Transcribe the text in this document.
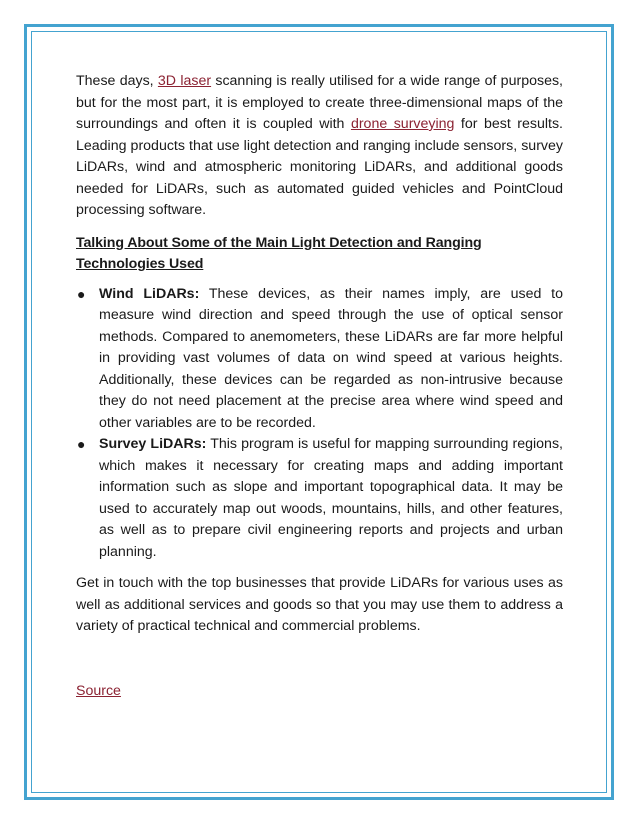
These days, 3D laser scanning is really utilised for a wide range of purposes, but for the most part, it is employed to create three-dimensional maps of the surroundings and often it is coupled with drone surveying for best results. Leading products that use light detection and ranging include sensors, survey LiDARs, wind and atmospheric monitoring LiDARs, and additional goods needed for LiDARs, such as automated guided vehicles and PointCloud processing software.

Talking About Some of the Main Light Detection and Ranging Technologies Used

● Wind LiDARs: These devices, as their names imply, are used to measure wind direction and speed through the use of optical sensor methods. Compared to anemometers, these LiDARs are far more helpful in providing vast volumes of data on wind speed at various heights. Additionally, these devices can be regarded as non-intrusive because they do not need placement at the precise area where wind speed and other variables are to be recorded.
● Survey LiDARs: This program is useful for mapping surrounding regions, which makes it necessary for creating maps and adding important information such as slope and important topographical data. It may be used to accurately map out woods, mountains, hills, and other features, as well as to prepare civil engineering reports and projects and urban planning.

Get in touch with the top businesses that provide LiDARs for various uses as well as additional services and goods so that you may use them to address a variety of practical technical and commercial problems.

Source
